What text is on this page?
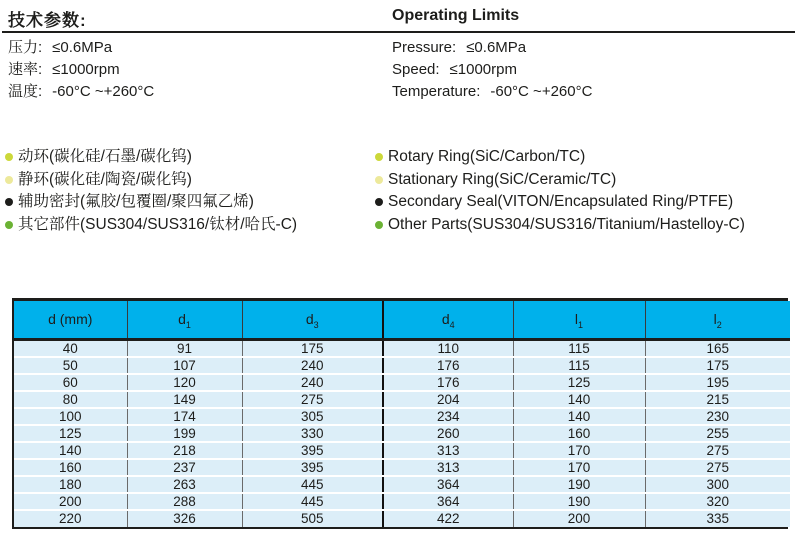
技术参数:	Operating Limits
压力: ≤0.6MPa
速率: ≤1000rpm
温度: -60°C ~+260°C
Pressure: ≤0.6MPa
Speed: ≤1000rpm
Temperature: -60°C ~+260°C
动环(碳化硅/石墨/碳化钨)
静环(碳化硅/陶瓷/碳化钨)
辅助密封(氟胶/包覆圈/聚四氟乙烯)
其它部件(SUS304/SUS316/钛材/哈氏-C)
Rotary Ring(SiC/Carbon/TC)
Stationary Ring(SiC/Ceramic/TC)
Secondary Seal(VITON/Encapsulated Ring/PTFE)
Other Parts(SUS304/SUS316/Titanium/Hastelloy-C)
d (mm)	$d_1$	$d_3$	$d_4$	$l_1$	$l_2$
40	91	175	110	115	165
50	107	240	176	115	175
60	120	240	176	125	195
80	149	275	204	140	215
100	174	305	234	140	230
125	199	330	260	160	255
140	218	395	313	170	275
160	237	395	313	170	275
180	263	445	364	190	300
200	288	445	364	190	320
220	326	505	422	200	335
